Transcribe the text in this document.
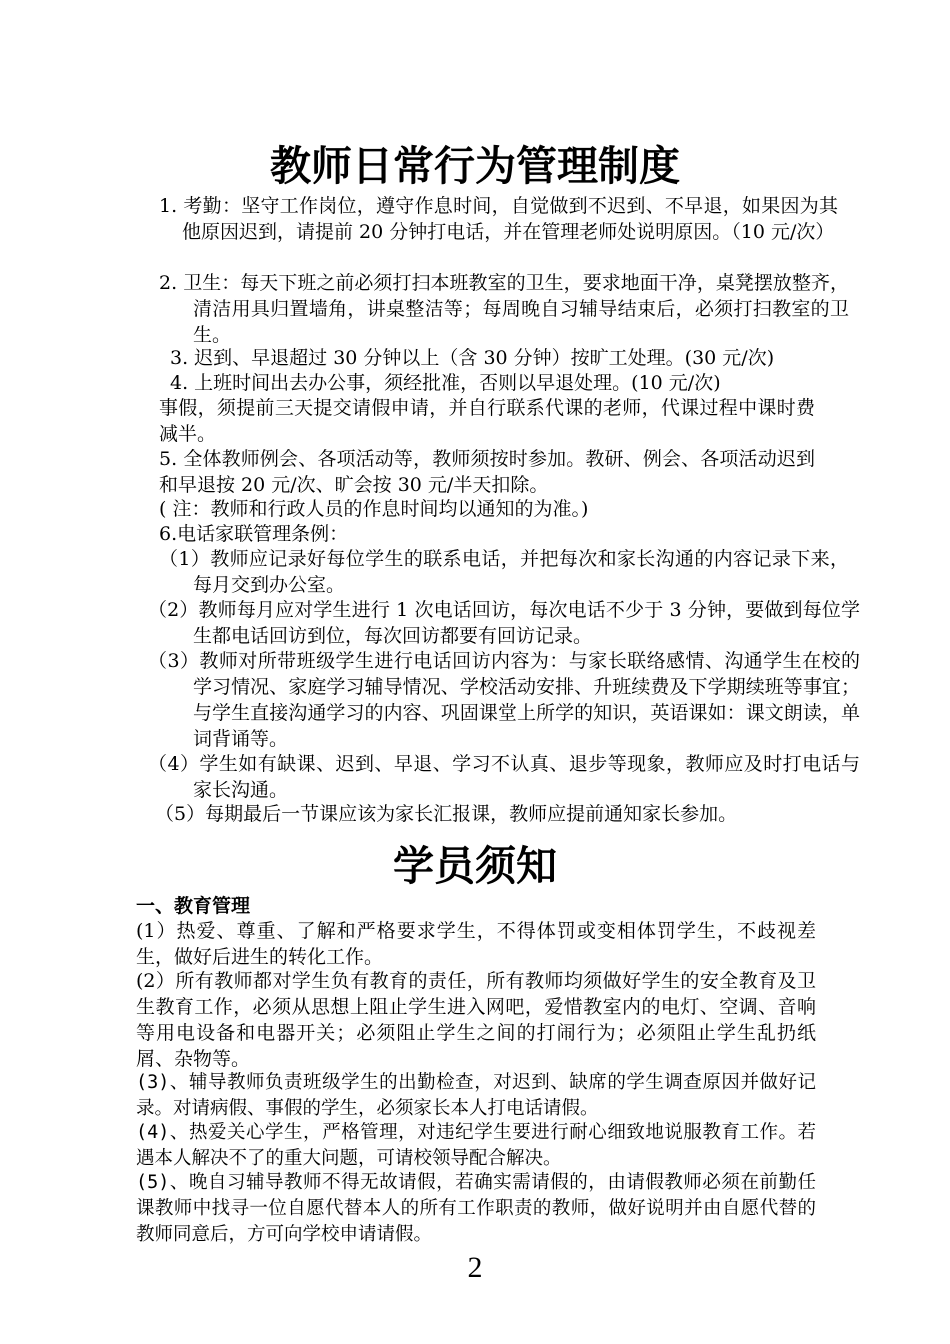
教师日常行为管理制度

1. 考勤：坚守工作岗位，遵守作息时间，自觉做到不迟到、不早退，如果因为其他原因迟到，请提前 20 分钟打电话，并在管理老师处说明原因。（10 元/次）

2. 卫生：每天下班之前必须打扫本班教室的卫生，要求地面干净，桌凳摆放整齐，清洁用具归置墙角，讲桌整洁等；每周晚自习辅导结束后，必须打扫教室的卫生。

3. 迟到、早退超过 30 分钟以上（含 30 分钟）按旷工处理。(30 元/次)

4. 上班时间出去办公事，须经批准，否则以早退处理。(10 元/次)

事假，须提前三天提交请假申请，并自行联系代课的老师，代课过程中课时费减半。

5. 全体教师例会、各项活动等，教师须按时参加。教研、例会、各项活动迟到和早退按 20 元/次、旷会按 30 元/半天扣除。

( 注：教师和行政人员的作息时间均以通知的为准。)

6.电话家联管理条例：

（1）教师应记录好每位学生的联系电话，并把每次和家长沟通的内容记录下来，每月交到办公室。

（2）教师每月应对学生进行 1 次电话回访，每次电话不少于 3 分钟，要做到每位学生都电话回访到位，每次回访都要有回访记录。

（3）教师对所带班级学生进行电话回访内容为：与家长联络感情、沟通学生在校的学习情况、家庭学习辅导情况、学校活动安排、升班续费及下学期续班等事宜；与学生直接沟通学习的内容、巩固课堂上所学的知识，英语课如：课文朗读，单词背诵等。

（4）学生如有缺课、迟到、早退、学习不认真、退步等现象，教师应及时打电话与家长沟通。

（5）每期最后一节课应该为家长汇报课，教师应提前通知家长参加。

学员须知
一、教育管理

(1）热爱、尊重、了解和严格要求学生，不得体罚或变相体罚学生，不歧视差生，做好后进生的转化工作。

(2）所有教师都对学生负有教育的责任，所有教师均须做好学生的安全教育及卫生教育工作，必须从思想上阻止学生进入网吧，爱惜教室内的电灯、空调、音响等用电设备和电器开关；必须阻止学生之间的打闹行为；必须阻止学生乱扔纸屑、杂物等。

(3)、辅导教师负责班级学生的出勤检查，对迟到、缺席的学生调查原因并做好记录。对请病假、事假的学生，必须家长本人打电话请假。

(4)、热爱关心学生，严格管理，对违纪学生要进行耐心细致地说服教育工作。若遇本人解决不了的重大问题，可请校领导配合解决。

(5)、晚自习辅导教师不得无故请假，若确实需请假的，由请假教师必须在前勤任课教师中找寻一位自愿代替本人的所有工作职责的教师，做好说明并由自愿代替的教师同意后，方可向学校申请请假。

2
